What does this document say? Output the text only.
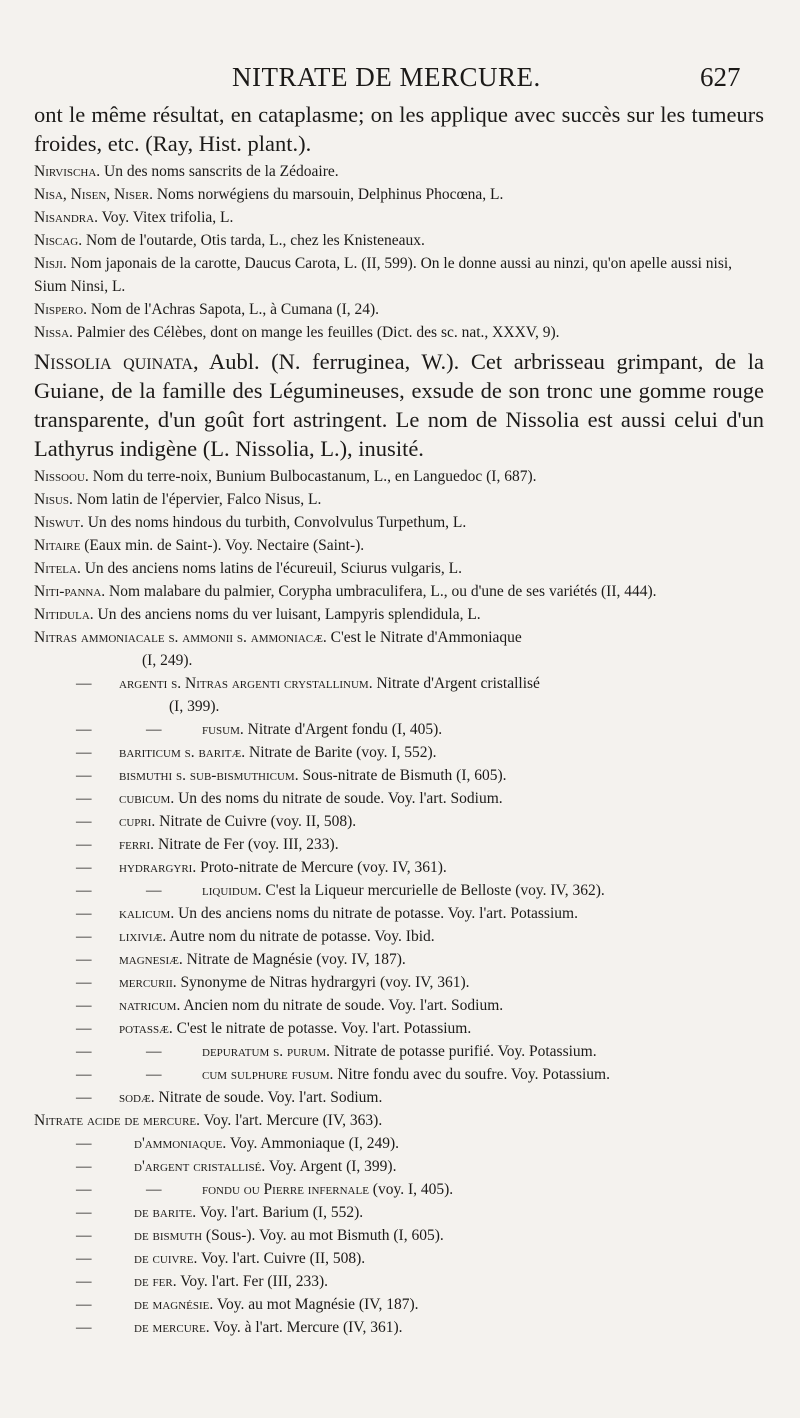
NITRATE DE MERCURE.	627

ont le même résultat, en cataplasme; on les applique avec succès sur les tumeurs froides, etc. (Ray, Hist. plant.).

Nirvischa. Un des noms sanscrits de la Zédoaire.

Nisa, Nisen, Niser. Noms norwégiens du marsouin, Delphinus Phocœna, L.

Nisandra. Voy. Vitex trifolia, L.

Niscag. Nom de l'outarde, Otis tarda, L., chez les Knisteneaux.

Nisji. Nom japonais de la carotte, Daucus Carota, L. (II, 599). On le donne aussi au ninzi, qu'on apelle aussi nisi, Sium Ninsi, L.

Nispero. Nom de l'Achras Sapota, L., à Cumana (I, 24).

Nissa. Palmier des Célèbes, dont on mange les feuilles (Dict. des sc. nat., XXXV, 9).

Nissolia quinata, Aubl. (N. ferruginea, W.). Cet arbrisseau grimpant, de la Guiane, de la famille des Légumineuses, exsude de son tronc une gomme rouge transparente, d'un goût fort astringent. Le nom de Nissolia est aussi celui d'un Lathyrus indigène (L. Nissolia, L.), inusité.

Nissoou. Nom du terre-noix, Bunium Bulbocastanum, L., en Languedoc (I, 687).

Nisus. Nom latin de l'épervier, Falco Nisus, L.

Niswut. Un des noms hindous du turbith, Convolvulus Turpethum, L.

Nitaire (Eaux min. de Saint-). Voy. Nectaire (Saint-).

Nitela. Un des anciens noms latins de l'écureuil, Sciurus vulgaris, L.

Niti-panna. Nom malabare du palmier, Corypha umbraculifera, L., ou d'une de ses variétés (II, 444).

Nitidula. Un des anciens noms du ver luisant, Lampyris splendidula, L.

Nitras ammoniacale s. ammonii s. ammoniacæ. C'est le Nitrate d'Ammoniaque

(I, 249).

— argenti s. Nitras argenti crystallinum. Nitrate d'Argent cristallisé

(I, 399).

—	—	fusum. Nitrate d'Argent fondu (I, 405).

— bariticum s. baritæ. Nitrate de Barite (voy. I, 552).

— bismuthi s. sub-bismuthicum. Sous-nitrate de Bismuth (I, 605).

— cubicum. Un des noms du nitrate de soude. Voy. l'art. Sodium.

— cupri. Nitrate de Cuivre (voy. II, 508).

— ferri. Nitrate de Fer (voy. III, 233).

— hydrargyri. Proto-nitrate de Mercure (voy. IV, 361).

—	—	liquidum. C'est la Liqueur mercurielle de Belloste (voy. IV, 362).

— kalicum. Un des anciens noms du nitrate de potasse. Voy. l'art. Potassium.

— lixiviæ. Autre nom du nitrate de potasse. Voy. Ibid.

— magnesiæ. Nitrate de Magnésie (voy. IV, 187).

— mercurii. Synonyme de Nitras hydrargyri (voy. IV, 361).

— natricum. Ancien nom du nitrate de soude. Voy. l'art. Sodium.

— potassæ. C'est le nitrate de potasse. Voy. l'art. Potassium.

—	—	depuratum s. purum. Nitrate de potasse purifié. Voy. Potassium.

—	—	cum sulphure fusum. Nitre fondu avec du soufre. Voy. Potassium.

— sodæ. Nitrate de soude. Voy. l'art. Sodium.

Nitrate acide de mercure. Voy. l'art. Mercure (IV, 363).

—	d'ammoniaque. Voy. Ammoniaque (I, 249).

—	d'argent cristallisé. Voy. Argent (I, 399).

—	—	fondu ou Pierre infernale (voy. I, 405).

—	de barite. Voy. l'art. Barium (I, 552).

—	de bismuth (Sous-). Voy. au mot Bismuth (I, 605).

—	de cuivre. Voy. l'art. Cuivre (II, 508).

—	de fer. Voy. l'art. Fer (III, 233).

—	de magnésie. Voy. au mot Magnésie (IV, 187).

—	de mercure. Voy. à l'art. Mercure (IV, 361).
